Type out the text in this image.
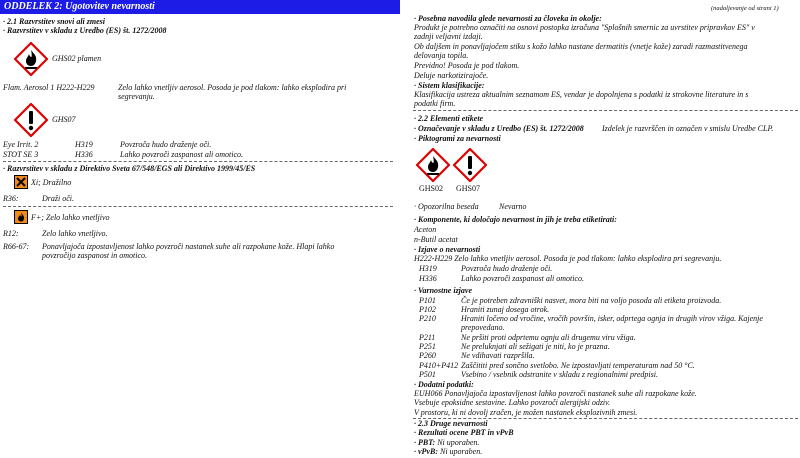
ODDELEK 2: Ugotovitev nevarnosti
· 2.1 Razvrstitev snovi ali zmesi
· Razvrstitev v skladu z Uredbo (ES) št. 1272/2008
GHS02 plamen
Flam. Aerosol 1 H222-H229	Zelo lahko vnetljiv aerosol. Posoda je pod tlakom: lahko eksplodira pri
segrevanju.
GHS07
Eye Irrit. 2	H319	Povzroča hudo draženje oči.
STOT SE 3	H336	Lahko povzroči zaspanost ali omotico.
· Razvrstitev v skladu z Direktivo Sveta 67/548/EGS ali Direktivo 1999/45/ES
Xi; Dražilno
R36:	Draži oči.
F+; Zelo lahko vnetljivo
R12:	Zelo lahko vnetljivo.
R66-67: Ponavljajoča izpostavljenost lahko povzroči nastanek suhe ali razpokane kože. Hlapi lahko
povzročijo zaspanost in omotico.
(nadaljevanje od strani 1)
· Posebna navodila glede nevarnosti za človeka in okolje:
Produkt je potrebno označiti na osnovi postopka izračuna "Splošnih smernic za uvrstitev pripravkov ES" v
zadnji veljavni izdaji.
Ob daljšem in ponavljajočem stiku s kožo lahko nastane dermatitis (vnetje kože) zaradi razmastitvenega
delovanja topila.
Previdno! Posoda je pod tlakom.
Deluje narkotizirajoče.
· Sistem klasifikacije:
Klasifikacija ustreza aktualnim seznamom ES, vendar je dopolnjena s podatki iz strokovne literature in s
podatki firm.
· 2.2 Elementi etikete
· Označevanje v skladu z Uredbo (ES) št. 1272/2008 Izdelek je razvrščen in označen v smislu Uredbe CLP.
· Piktogrami za nevarnosti
GHS02 GHS07
· Opozorilna beseda	Nevarno
· Komponente, ki določajo nevarnost in jih je treba etiketirati:
Aceton
n-Butil acetat
· Izjave o nevarnosti
H222-H229 Zelo lahko vnetljiv aerosol. Posoda je pod tlakom: lahko eksplodira pri segrevanju.
H319	Povzroča hudo draženje oči.
H336	Lahko povzroči zaspanost ali omotico.
· Varnostne izjave
P101	Če je potreben zdravniški nasvet, mora biti na voljo posoda ali etiketa proizvoda.
P102	Hraniti zunaj dosega otrok.
P210	Hraniti ločeno od vročine, vročih površin, isker, odprtega ognja in drugih virov vžiga. Kajenje
prepovedano.
P211	Ne pršiti proti odprtemu ognju ali drugemu viru vžiga.
P251	Ne preluknjati ali sežigati je niti, ko je prazna.
P260	Ne vdihavati razpršila.
P410+P412 Zaščititi pred sončno svetlobo. Ne izpostavljati temperaturam nad 50 °C.
P501	Vsebino / vsebnik odstranite v skladu z regionalnimi predpisi.
· Dodatni podatki:
EUH066 Ponavljajoča izpostavljenost lahko povzroči nastanek suhe ali razpokane kože.
Vsebuje epoksidne sestavine. Lahko povzroči alergijski odziv.
V prostoru, ki ni dovolj zračen, je možen nastanek eksplozivnih zmesi.
· 2.3 Druge nevarnosti
· Rezultati ocene PBT in vPvB
· PBT: Ni uporaben.
· vPvB: Ni uporaben.
